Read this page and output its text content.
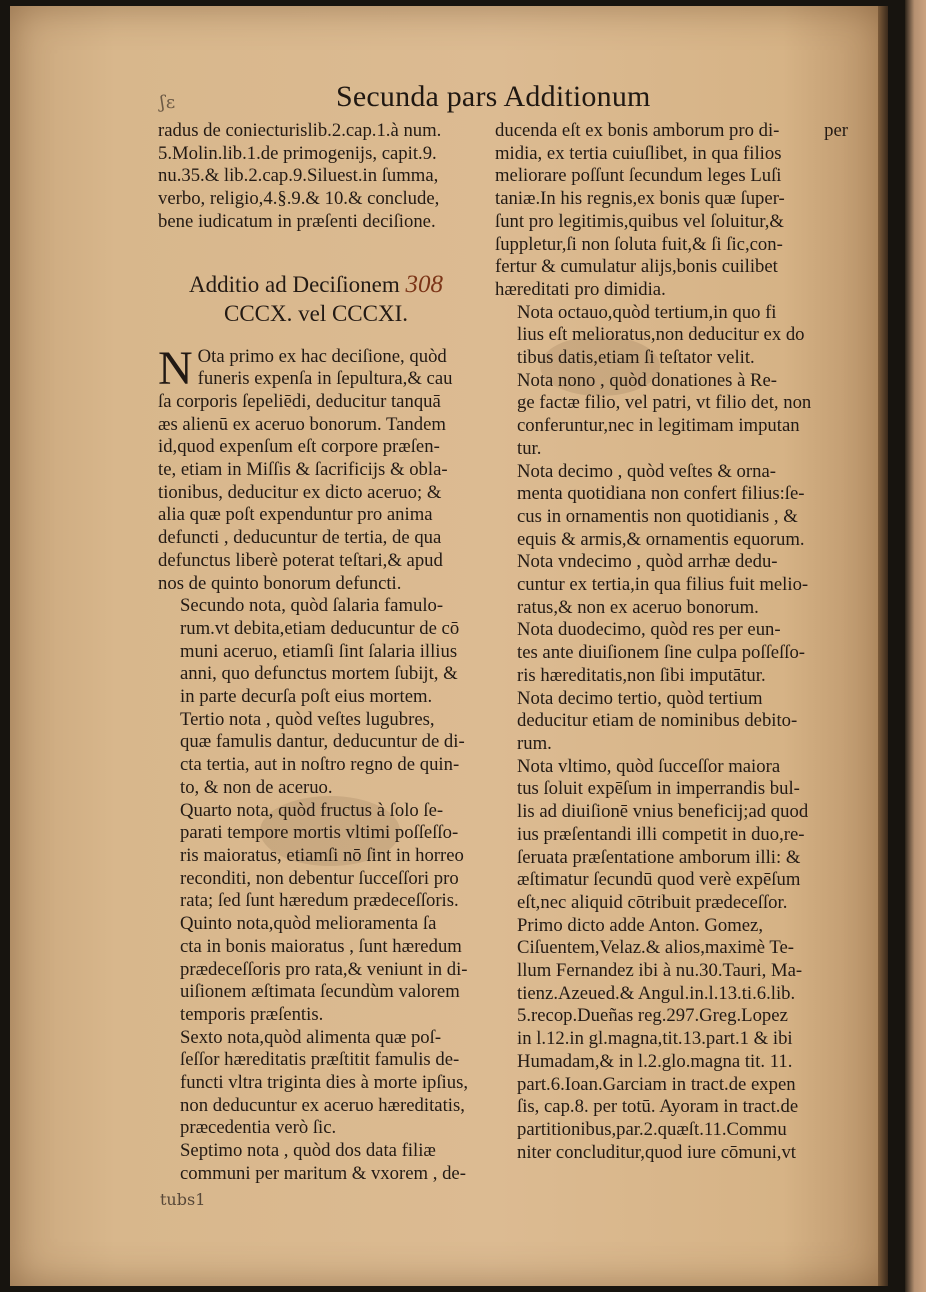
ʃɛ	Secunda pars Additionum

radus de coniecturislib.2.cap.1.à num.
5.Molin.lib.1.de primogenijs, capit.9.
nu.35.& lib.2.cap.9.Siluest.in ſumma,
verbo, religio,4.§.9.& 10.& conclude,
bene iudicatum in præſenti deciſione.

Additio ad Deciſionem 308
CCCX. vel CCCXI.

N Ota primo ex hac deciſione, quòd
funeris expenſa in ſepultura,& cau
ſa corporis ſepeliēdi, deducitur tanquā
æs alienū ex aceruo bonorum. Tandem
id,quod expenſum eſt corpore præſen-
te, etiam in Miſſis & ſacrificijs & obla-
tionibus, deducitur ex dicto aceruo; &
alia quæ poſt expenduntur pro anima
defuncti , deducuntur de tertia, de qua
defunctus liberè poterat teſtari,& apud
nos de quinto bonorum defuncti.

Secundo nota, quòd ſalaria famulo-
rum.vt debita,etiam deducuntur de cō
muni aceruo, etiamſi ſint ſalaria illius
anni, quo defunctus mortem ſubijt, &
in parte decurſa poſt eius mortem.

Tertio nota , quòd veſtes lugubres,
quæ famulis dantur, deducuntur de di-
cta tertia, aut in noſtro regno de quin-
to, & non de aceruo.

Quarto nota, quòd fructus à ſolo ſe-
parati tempore mortis vltimi poſſeſſo-
ris maioratus, etiamſi nō ſint in horreo
reconditi, non debentur ſucceſſori pro
rata; ſed ſunt hæredum prædeceſſoris.

Quinto nota,quòd melioramenta ſa
cta in bonis maioratus , ſunt hæredum
prædeceſſoris pro rata,& veniunt in di-
uiſionem æſtimata ſecundùm valorem
temporis præſentis.

Sexto nota,quòd alimenta quæ poſ-
ſeſſor hæreditatis præſtitit famulis de-
functi vltra triginta dies à morte ipſius,
non deducuntur ex aceruo hæreditatis,
præcedentia verò ſic.

Septimo nota , quòd dos data filiæ
communi per maritum & vxorem , de-

ducenda eſt ex bonis amborum pro di-
midia, ex tertia cuiuſlibet, in qua filios
meliorare poſſunt ſecundum leges Luſi
taniæ.In his regnis,ex bonis quæ ſuper-
ſunt pro legitimis,quibus vel ſoluitur,&
ſuppletur,ſi non ſoluta fuit,& ſi ſic,con-
fertur & cumulatur alijs,bonis cuilibet
hæreditati pro dimidia.

Nota octauo,quòd tertium,in quo fi
lius eſt melioratus,non deducitur ex do
tibus datis,etiam ſi teſtator velit.

Nota nono , quòd donationes à Re-
ge factæ filio, vel patri, vt filio det, non
conferuntur,nec in legitimam imputan
tur.

Nota decimo , quòd veſtes & orna-
menta quotidiana non confert filius:ſe-
cus in ornamentis non quotidianis , &
equis & armis,& ornamentis equorum.

Nota vndecimo , quòd arrhæ dedu-
cuntur ex tertia,in qua filius fuit melio-
ratus,& non ex aceruo bonorum.

Nota duodecimo, quòd res per eun-
tes ante diuiſionem ſine culpa poſſeſſo-
ris hæreditatis,non ſibi imputātur.

Nota decimo tertio, quòd tertium
deducitur etiam de nominibus debito-
rum.

Nota vltimo, quòd ſucceſſor maiora
tus ſoluit expēſum in imperrandis bul-
lis ad diuiſionē vnius beneficij;ad quod
ius præſentandi illi competit in duo,re-
ſeruata præſentatione amborum illi: &
æſtimatur ſecundū quod verè expēſum
eſt,nec aliquid cōtribuit prædeceſſor.

Primo dicto adde Anton. Gomez,
Ciſuentem,Velaz.& alios,maximè Te-
llum Fernandez ibi à nu.30.Tauri, Ma-
tienz.Azeued.& Angul.in.l.13.ti.6.lib.
5.recop.Dueñas reg.297.Greg.Lopez
in l.12.in gl.magna,tit.13.part.1 & ibi
Humadam,& in l.2.glo.magna tit. 11.
part.6.Ioan.Garciam in tract.de expen
ſis, cap.8. per totū. Ayoram in tract.de
partitionibus,par.2.quæſt.11.Commu
niter concluditur,quod iure cōmuni,vt

tubs1
per
